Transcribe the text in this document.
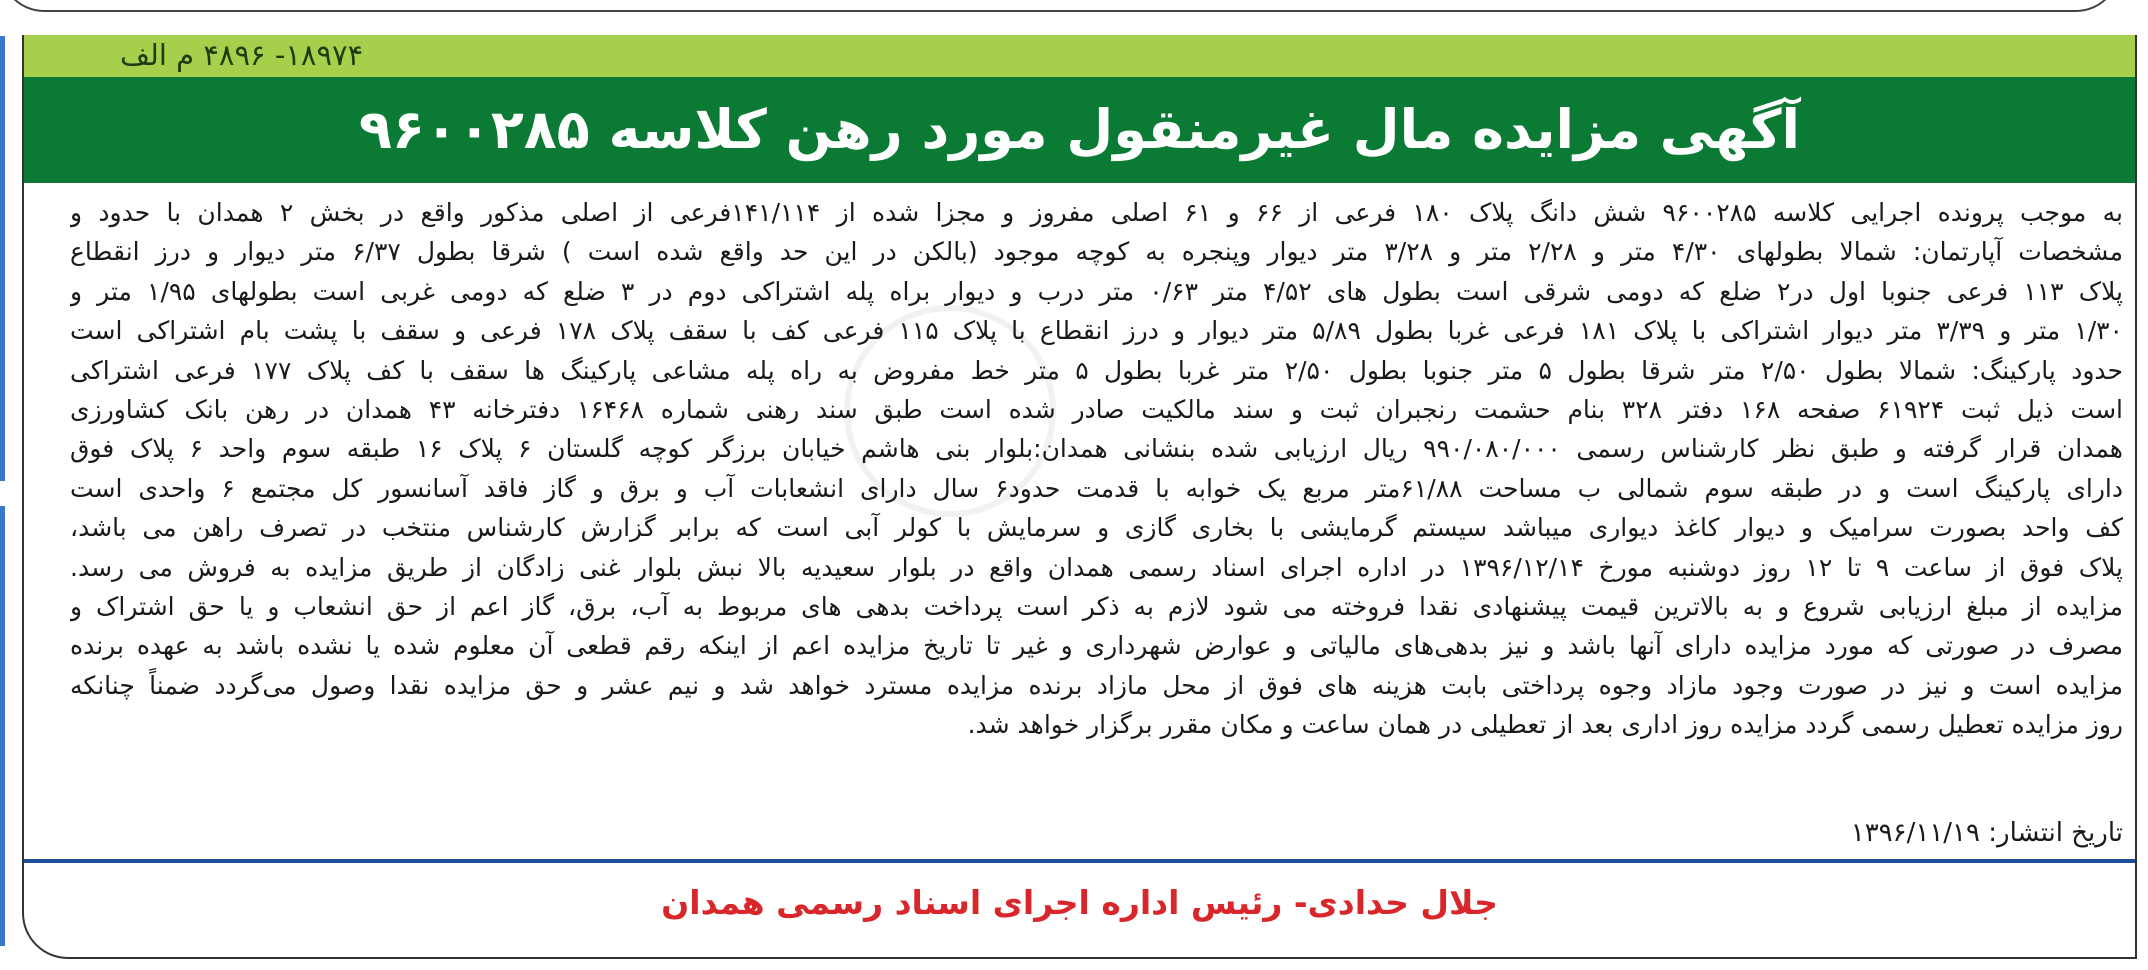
۱۸۹۷۴- ۴۸۹۶ م الف
آگهی مزایده مال غیرمنقول مورد رهن کلاسه ۹۶۰۰۲۸۵
به موجب پرونده اجرایی کلاسه ۹۶۰۰۲۸۵ شش دانگ پلاک ۱۸۰ فرعی از ۶۶ و ۶۱ اصلی مفروز و مجزا شده از ۱۴۱/۱۱۴فرعی از اصلی مذکور واقع در بخش ۲ همدان با حدود و
مشخصات آپارتمان: شمالا بطولهای ۴/۳۰ متر و ۲/۲۸ متر و ۳/۲۸ متر دیوار وپنجره به کوچه موجود (بالکن در این حد واقع شده است ) شرقا بطول ۶/۳۷ متر دیوار و درز انقطاع
پلاک ۱۱۳ فرعی جنوبا اول در۲ ضلع که دومی شرقی است بطول های ۴/۵۲ متر ۰/۶۳ متر درب و دیوار براه پله اشتراکی دوم در ۳ ضلع که دومی غربی است بطولهای ۱/۹۵ متر و
۱/۳۰ متر و ۳/۳۹ متر دیوار اشتراکی با پلاک ۱۸۱ فرعی غربا بطول ۵/۸۹ متر دیوار و درز انقطاع با پلاک ۱۱۵ فرعی کف با سقف پلاک ۱۷۸ فرعی و سقف با پشت بام اشتراکی است
حدود پارکینگ: شمالا بطول ۲/۵۰ متر شرقا بطول ۵ متر جنوبا بطول ۲/۵۰ متر غربا بطول ۵ متر خط مفروض به راه پله مشاعی پارکینگ ها سقف با کف پلاک ۱۷۷ فرعی اشتراکی
است ذیل ثبت ۶۱۹۲۴ صفحه ۱۶۸ دفتر ۳۲۸ بنام حشمت رنجبران ثبت و سند مالکیت صادر شده است طبق سند رهنی شماره ۱۶۴۶۸ دفترخانه ۴۳ همدان در رهن بانک کشاورزی
همدان قرار گرفته و طبق نظر کارشناس رسمی ۹۹۰/۰۸۰/۰۰۰ ریال ارزیابی شده بنشانی همدان:بلوار بنی هاشم خیابان برزگر کوچه گلستان ۶ پلاک ۱۶ طبقه سوم واحد ۶ پلاک فوق
دارای پارکینگ است و در طبقه سوم شمالی ب مساحت ۶۱/۸۸متر مربع یک خوابه با قدمت حدود۶ سال دارای انشعابات آب و برق و گاز فاقد آسانسور کل مجتمع ۶ واحدی است
کف واحد بصورت سرامیک و دیوار کاغذ دیواری میباشد سیستم گرمایشی با بخاری گازی و سرمایش با کولر آبی است که برابر گزارش کارشناس منتخب در تصرف راهن می باشد،
پلاک فوق از ساعت ۹ تا ۱۲ روز دوشنبه مورخ ۱۳۹۶/۱۲/۱۴ در اداره اجرای اسناد رسمی همدان واقع در بلوار سعیدیه بالا نبش بلوار غنی زادگان از طریق مزایده به فروش می رسد.
مزایده از مبلغ ارزیابی شروع و به بالاترین قیمت پیشنهادی نقدا فروخته می شود لازم به ذکر است پرداخت بدهی های مربوط به آب، برق، گاز اعم از حق انشعاب و یا حق اشتراک و
مصرف در صورتی که مورد مزایده دارای آنها باشد و نیز بدهی‌های مالیاتی و عوارض شهرداری و غیر تا تاریخ مزایده اعم از اینکه رقم قطعی آن معلوم شده یا نشده باشد به عهده برنده
مزایده است و نیز در صورت وجود مازاد وجوه پرداختی بابت هزینه های فوق از محل مازاد برنده مزایده مسترد خواهد شد و نیم عشر و حق مزایده نقدا وصول می‌گردد ضمناً چنانکه
روز مزایده تعطیل رسمی گردد مزایده روز اداری بعد از تعطیلی در همان ساعت و مکان مقرر برگزار خواهد شد.
تاریخ انتشار: ۱۳۹۶/۱۱/۱۹
جلال حدادی- رئیس اداره اجرای اسناد رسمی همدان
